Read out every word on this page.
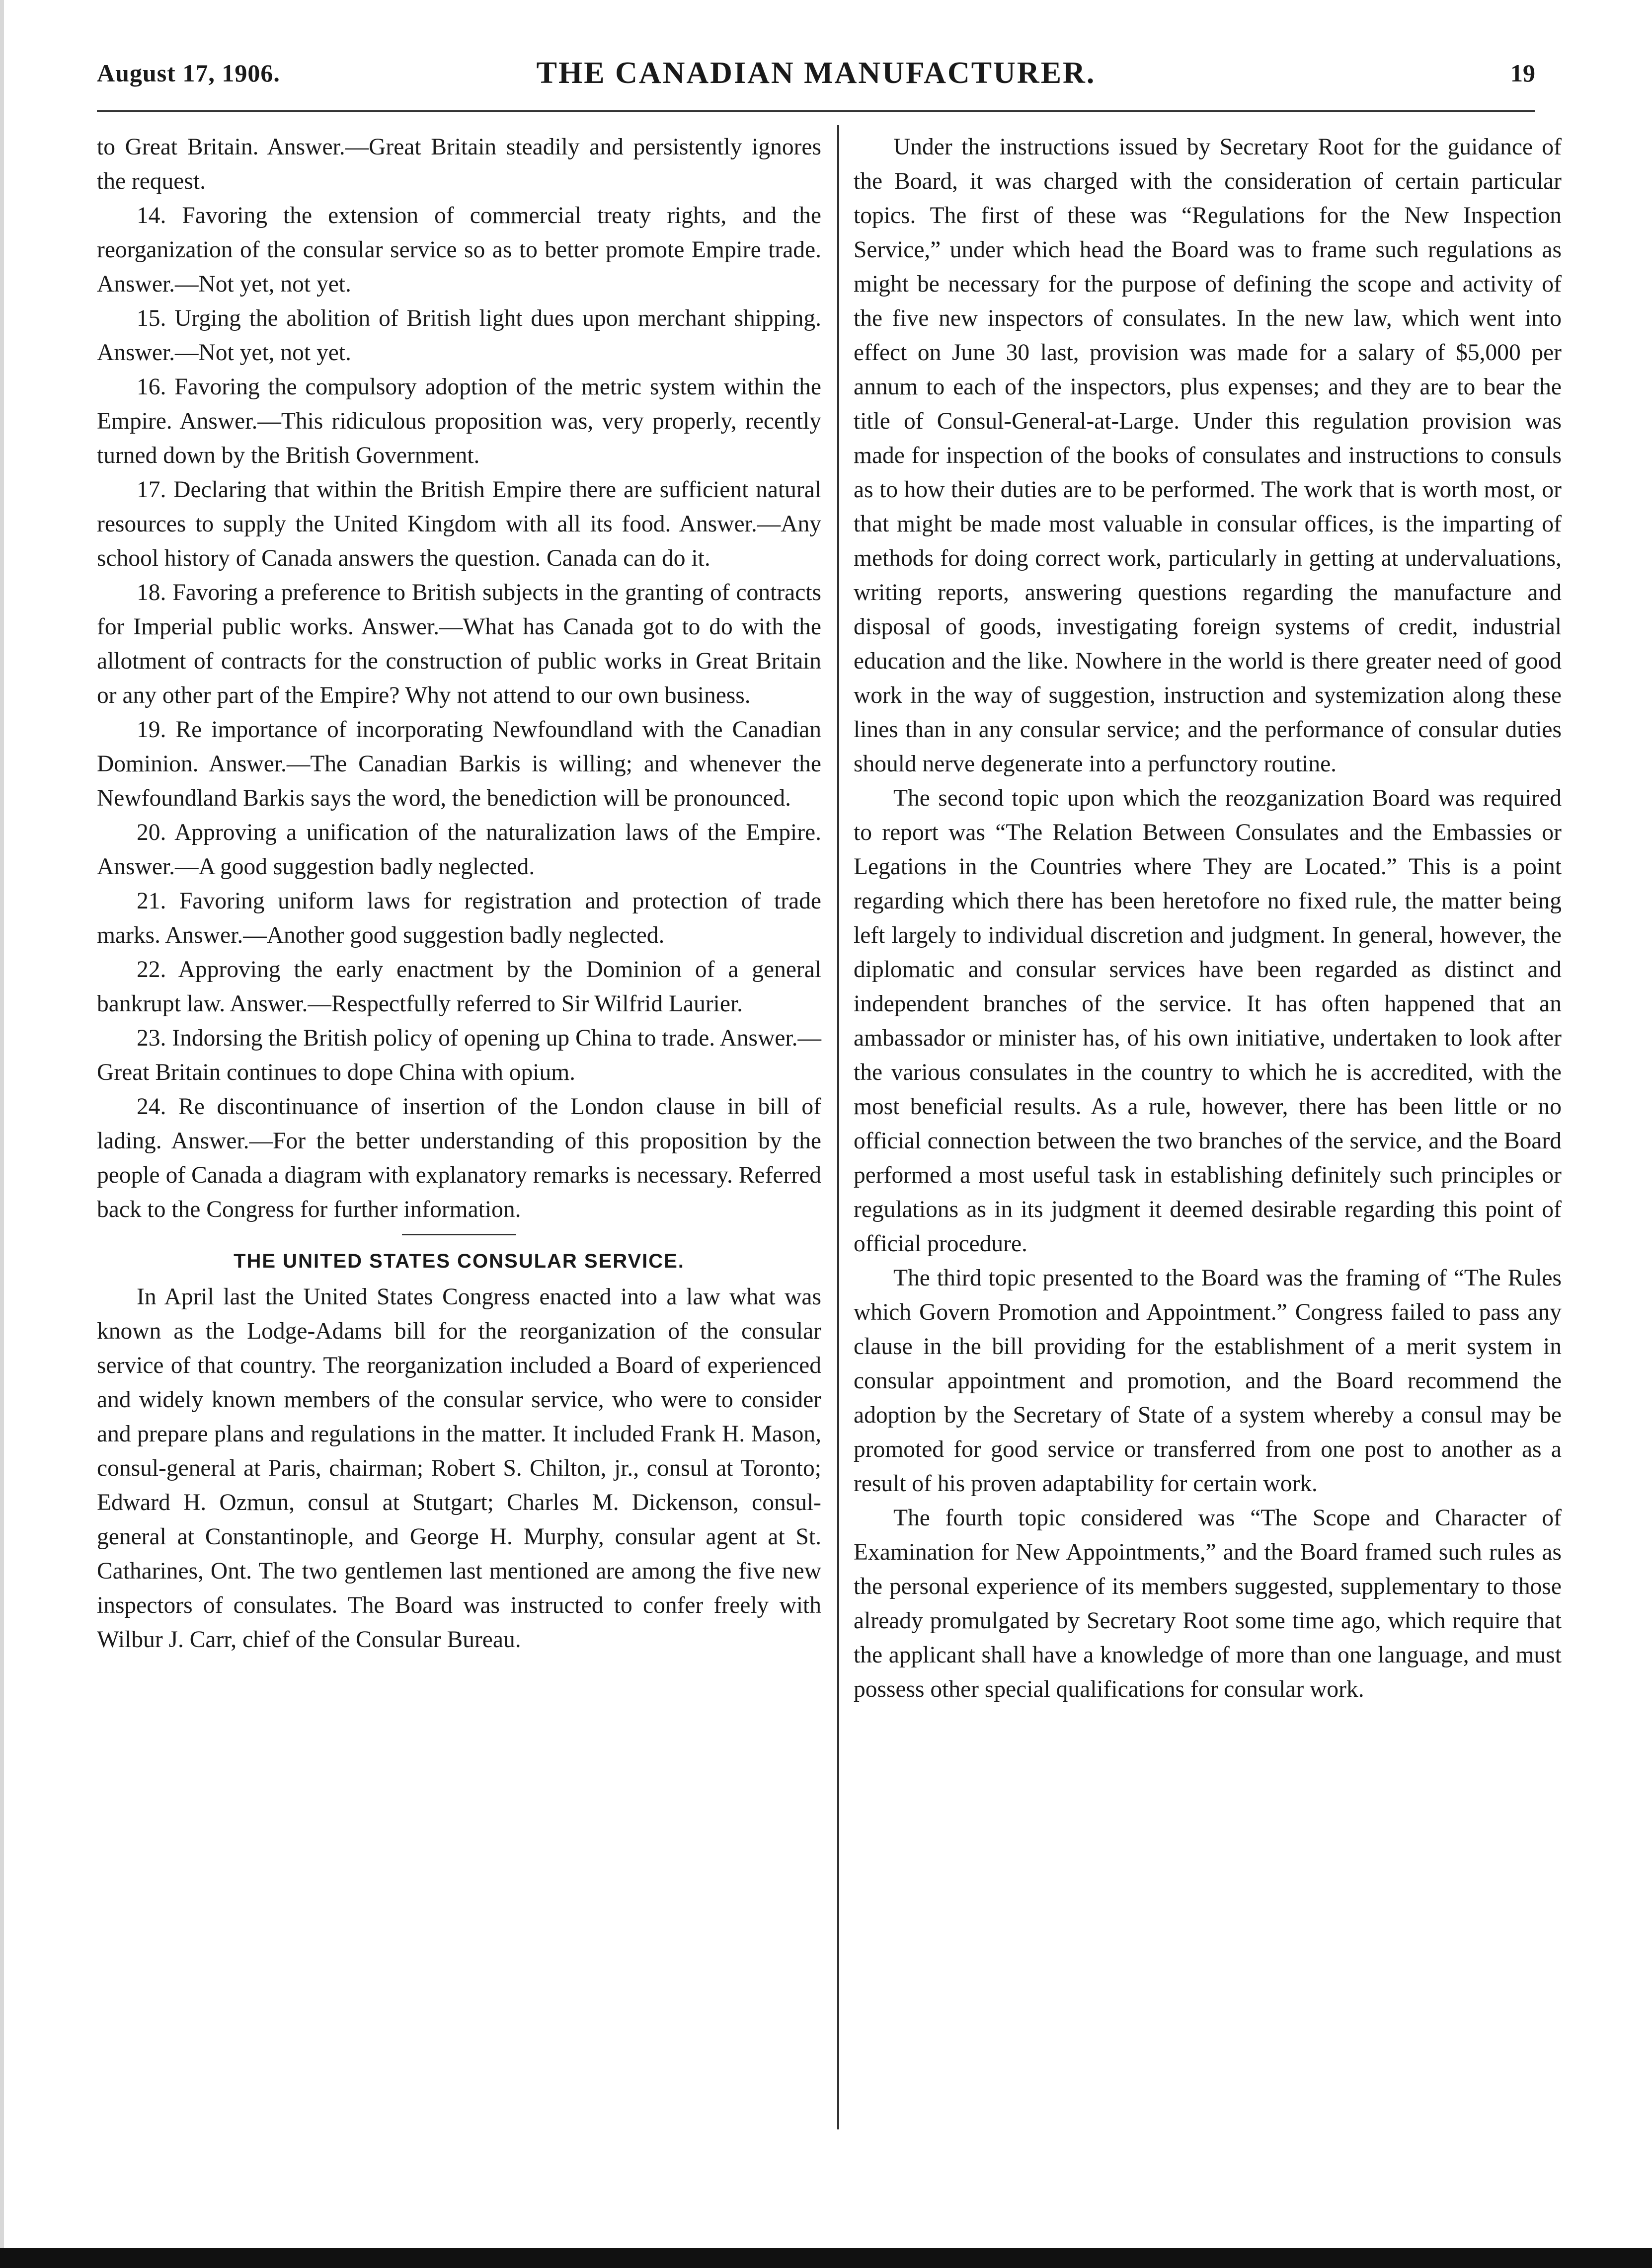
August 17, 1906.	THE CANADIAN MANUFACTURER.	19

to Great Britain. Answer.—Great Britain steadily and persistently ignores the request.

14. Favoring the extension of commercial treaty rights, and the reorganization of the consular service so as to better promote Empire trade. Answer.—Not yet, not yet.

15. Urging the abolition of British light dues upon merchant shipping. Answer.—Not yet, not yet.

16. Favoring the compulsory adoption of the metric system within the Empire. Answer.—This ridiculous proposition was, very properly, recently turned down by the British Government.

17. Declaring that within the British Empire there are sufficient natural resources to supply the United Kingdom with all its food. Answer.—Any school history of Canada answers the question. Canada can do it.

18. Favoring a preference to British subjects in the granting of contracts for Imperial public works. Answer.—What has Canada got to do with the allotment of contracts for the construction of public works in Great Britain or any other part of the Empire? Why not attend to our own business.

19. Re importance of incorporating Newfoundland with the Canadian Dominion. Answer.—The Canadian Barkis is willing; and whenever the Newfoundland Barkis says the word, the benediction will be pronounced.

20. Approving a unification of the naturalization laws of the Empire. Answer.—A good suggestion badly neglected.

21. Favoring uniform laws for registration and protection of trade marks. Answer.—Another good suggestion badly neglected.

22. Approving the early enactment by the Dominion of a general bankrupt law. Answer.—Respectfully referred to Sir Wilfrid Laurier.

23. Indorsing the British policy of opening up China to trade. Answer.—Great Britain continues to dope China with opium.

24. Re discontinuance of insertion of the London clause in bill of lading. Answer.—For the better understanding of this proposition by the people of Canada a diagram with explanatory remarks is necessary. Referred back to the Congress for further information.

THE UNITED STATES CONSULAR SERVICE.

In April last the United States Congress enacted into a law what was known as the Lodge-Adams bill for the reorganization of the consular service of that country. The reorganization included a Board of experienced and widely known members of the consular service, who were to consider and prepare plans and regulations in the matter. It included Frank H. Mason, consul-general at Paris, chairman; Robert S. Chilton, jr., consul at Toronto; Edward H. Ozmun, consul at Stutgart; Charles M. Dickenson, consul-general at Constantinople, and George H. Murphy, consular agent at St. Catharines, Ont. The two gentlemen last mentioned are among the five new inspectors of consulates. The Board was instructed to confer freely with Wilbur J. Carr, chief of the Consular Bureau.

Under the instructions issued by Secretary Root for the guidance of the Board, it was charged with the consideration of certain particular topics. The first of these was “Regulations for the New Inspection Service,” under which head the Board was to frame such regulations as might be necessary for the purpose of defining the scope and activity of the five new inspectors of consulates. In the new law, which went into effect on June 30 last, provision was made for a salary of $5,000 per annum to each of the inspectors, plus expenses; and they are to bear the title of Consul-General-at-Large. Under this regulation provision was made for inspection of the books of consulates and instructions to consuls as to how their duties are to be performed. The work that is worth most, or that might be made most valuable in consular offices, is the imparting of methods for doing correct work, particularly in getting at undervaluations, writing reports, answering questions regarding the manufacture and disposal of goods, investigating foreign systems of credit, industrial education and the like. Nowhere in the world is there greater need of good work in the way of suggestion, instruction and systemization along these lines than in any consular service; and the performance of consular duties should nerve degenerate into a perfunctory routine.

The second topic upon which the reozganization Board was required to report was “The Relation Between Consulates and the Embassies or Legations in the Countries where They are Located.” This is a point regarding which there has been heretofore no fixed rule, the matter being left largely to individual discretion and judgment. In general, however, the diplomatic and consular services have been regarded as distinct and independent branches of the service. It has often happened that an ambassador or minister has, of his own initiative, undertaken to look after the various consulates in the country to which he is accredited, with the most beneficial results. As a rule, however, there has been little or no official connection between the two branches of the service, and the Board performed a most useful task in establishing definitely such principles or regulations as in its judgment it deemed desirable regarding this point of official procedure.

The third topic presented to the Board was the framing of “The Rules which Govern Promotion and Appointment.” Congress failed to pass any clause in the bill providing for the establishment of a merit system in consular appointment and promotion, and the Board recommend the adoption by the Secretary of State of a system whereby a consul may be promoted for good service or transferred from one post to another as a result of his proven adaptability for certain work.

The fourth topic considered was “The Scope and Character of Examination for New Appointments,” and the Board framed such rules as the personal experience of its members suggested, supplementary to those already promulgated by Secretary Root some time ago, which require that the applicant shall have a knowledge of more than one language, and must possess other special qualifications for consular work.
